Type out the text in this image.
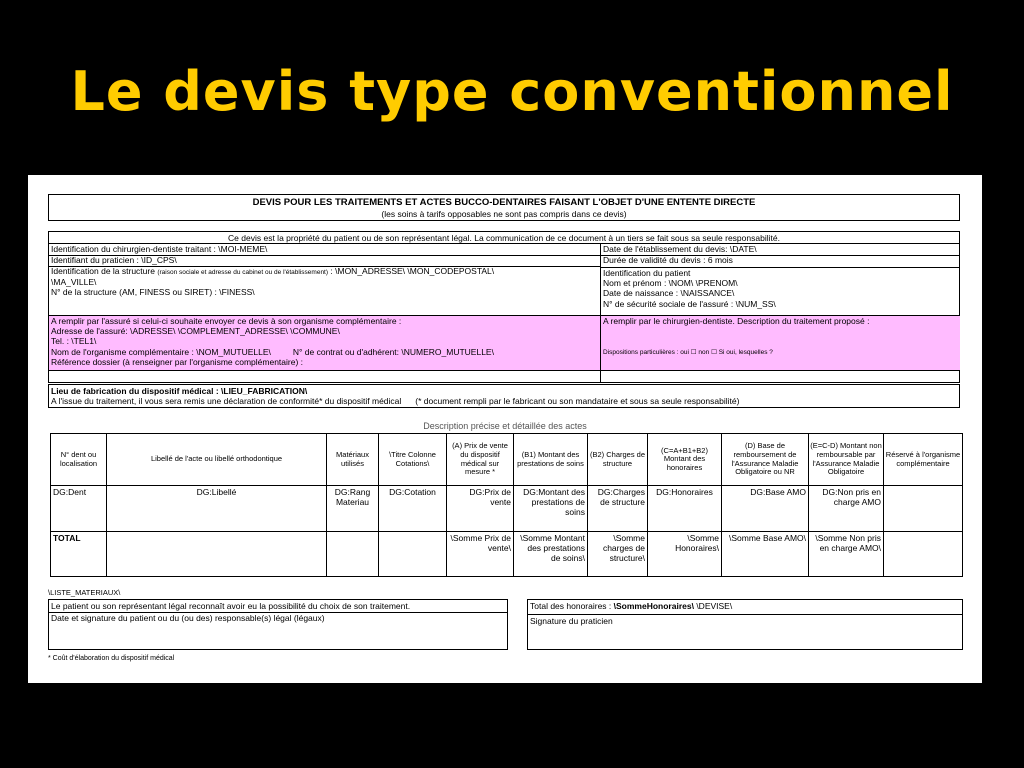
Le devis type conventionnel
DEVIS POUR LES TRAITEMENTS ET ACTES BUCCO-DENTAIRES FAISANT L'OBJET D'UNE ENTENTE DIRECTE
(les soins à tarifs opposables ne sont pas compris dans ce devis)
Ce devis est la propriété du patient ou de son représentant légal. La communication de ce document à un tiers se fait sous sa seule responsabilité.
Identification du chirurgien-dentiste traitant : \MOI-MEME\
Identifiant du praticien : \ID_CPS\
Identification de la structure (raison sociale et adresse du cabinet ou de l'établissement) : \MON_ADRESSE\ \MON_CODEPOSTAL\
\MA_VILLE\
N° de la structure (AM, FINESS ou SIRET) : \FINESS\
Date de l'établissement du devis: \DATE\
Durée de validité du devis : 6 mois
Identification du patient
Nom et prénom : \NOM\ \PRENOM\
Date de naissance : \NAISSANCE\
N° de sécurité sociale de l'assuré : \NUM_SS\
A remplir par l'assuré si celui-ci souhaite envoyer ce devis à son organisme complémentaire :
Adresse de l'assuré: \ADRESSE\ \COMPLEMENT_ADRESSE\ \COMMUNE\
Tel. : \TEL1\
Nom de l'organisme complémentaire : \NOM_MUTUELLE\	N° de contrat ou d'adhérent: \NUMERO_MUTUELLE\
Référence dossier (à renseigner par l'organisme complémentaire) :
A remplir par le chirurgien-dentiste. Description du traitement proposé :
Dispositions particulières : oui ☐ non ☐ Si oui, lesquelles ?
Lieu de fabrication du dispositif médical : \LIEU_FABRICATION\
A l'issue du traitement, il vous sera remis une déclaration de conformité* du dispositif médical (* document rempli par le fabricant ou son mandataire et sous sa seule responsabilité)
Description précise et détaillée des actes
N° dent ou localisation	Libellé de l'acte ou libellé orthodontique	Matériaux utilisés	\Titre Colonne Cotations\	(A) Prix de vente du dispositif médical sur mesure *	(B1) Montant des prestations de soins	(B2) Charges de structure	(C=A+B1+B2) Montant des honoraires	(D) Base de remboursement de l'Assurance Maladie Obligatoire ou NR	(E=C-D) Montant non remboursable par l'Assurance Maladie Obligatoire	Réservé à l'organisme complémentaire
DG:Dent	DG:Libellé	DG:Rang Materiau	DG:Cotation	DG:Prix de vente	DG:Montant des prestations de soins	DG:Charges de structure	DG:Honoraires	DG:Base AMO	DG:Non pris en charge AMO	
TOTAL				\Somme Prix de vente\	\Somme Montant des prestations de soins\	\Somme charges de structure\	\Somme Honoraires\	\Somme Base AMO\	\Somme Non pris en charge AMO\	
\LISTE_MATERIAUX\
Le patient ou son représentant légal reconnaît avoir eu la possibilité du choix de son traitement.
Date et signature du patient ou du (ou des) responsable(s) légal (légaux)
Total des honoraires : \SommeHonoraires\ \DEVISE\
Signature du praticien
* Coût d'élaboration du dispositif médical
